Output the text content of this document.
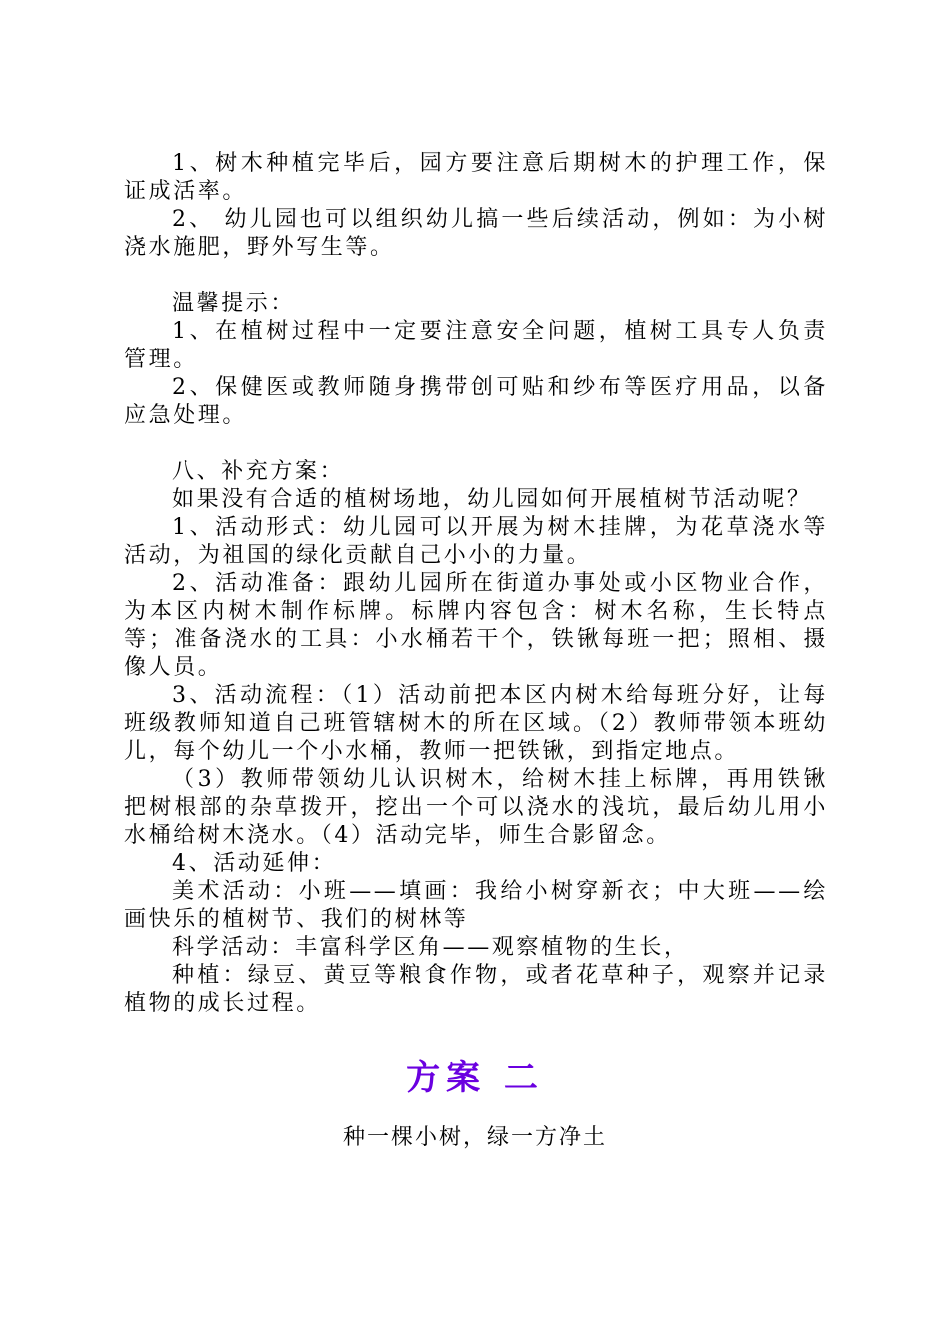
1、树木种植完毕后，园方要注意后期树木的护理工作，保证成活率。

2、 幼儿园也可以组织幼儿搞一些后续活动，例如：为小树浇水施肥，野外写生等。

温馨提示：

1、在植树过程中一定要注意安全问题，植树工具专人负责管理。

2、保健医或教师随身携带创可贴和纱布等医疗用品，以备应急处理。

八、补充方案：

如果没有合适的植树场地，幼儿园如何开展植树节活动呢？

1、活动形式：幼儿园可以开展为树木挂牌，为花草浇水等活动，为祖国的绿化贡献自己小小的力量。

2、活动准备：跟幼儿园所在街道办事处或小区物业合作，为本区内树木制作标牌。标牌内容包含：树木名称，生长特点等；准备浇水的工具：小水桶若干个，铁锹每班一把；照相、摄像人员。

3、活动流程：（1）活动前把本区内树木给每班分好，让每班级教师知道自己班管辖树木的所在区域。（2）教师带领本班幼儿，每个幼儿一个小水桶，教师一把铁锹，到指定地点。

（3）教师带领幼儿认识树木，给树木挂上标牌，再用铁锹把树根部的杂草拨开，挖出一个可以浇水的浅坑，最后幼儿用小水桶给树木浇水。（4）活动完毕，师生合影留念。

4、活动延伸：

美术活动：小班——填画：我给小树穿新衣；中大班——绘画快乐的植树节、我们的树林等

科学活动：丰富科学区角——观察植物的生长，

种植：绿豆、黄豆等粮食作物，或者花草种子，观察并记录植物的成长过程。

方案 二

种一棵小树，绿一方净土
